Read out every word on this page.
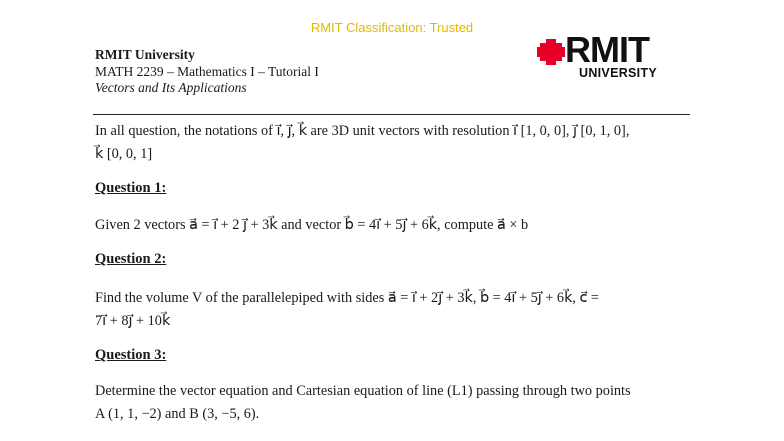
RMIT Classification: Trusted
RMIT University
MATH 2239 – Mathematics I – Tutorial I
Vectors and Its Applications
RMIT
UNIVERSITY
In all question, the notations of i⃗, j⃗, k⃗ are 3D unit vectors with resolution i⃗ [1, 0, 0], j⃗ [0, 1, 0],
k⃗ [0, 0, 1]
Question 1:
Given 2 vectors a⃗ = i⃗ + 2 j⃗ + 3k⃗ and vector b⃗ = 4i⃗ + 5j⃗ + 6k⃗, compute a⃗ × b
Question 2:
Find the volume V of the parallelepiped with sides a⃗ = i⃗ + 2j⃗ + 3k⃗, b⃗ = 4i⃗ + 5j⃗ + 6k⃗, c⃗ =
7i⃗ + 8j⃗ + 10k⃗
Question 3:
Determine the vector equation and Cartesian equation of line (L1) passing through two points
A (1, 1, −2) and B (3, −5, 6).
